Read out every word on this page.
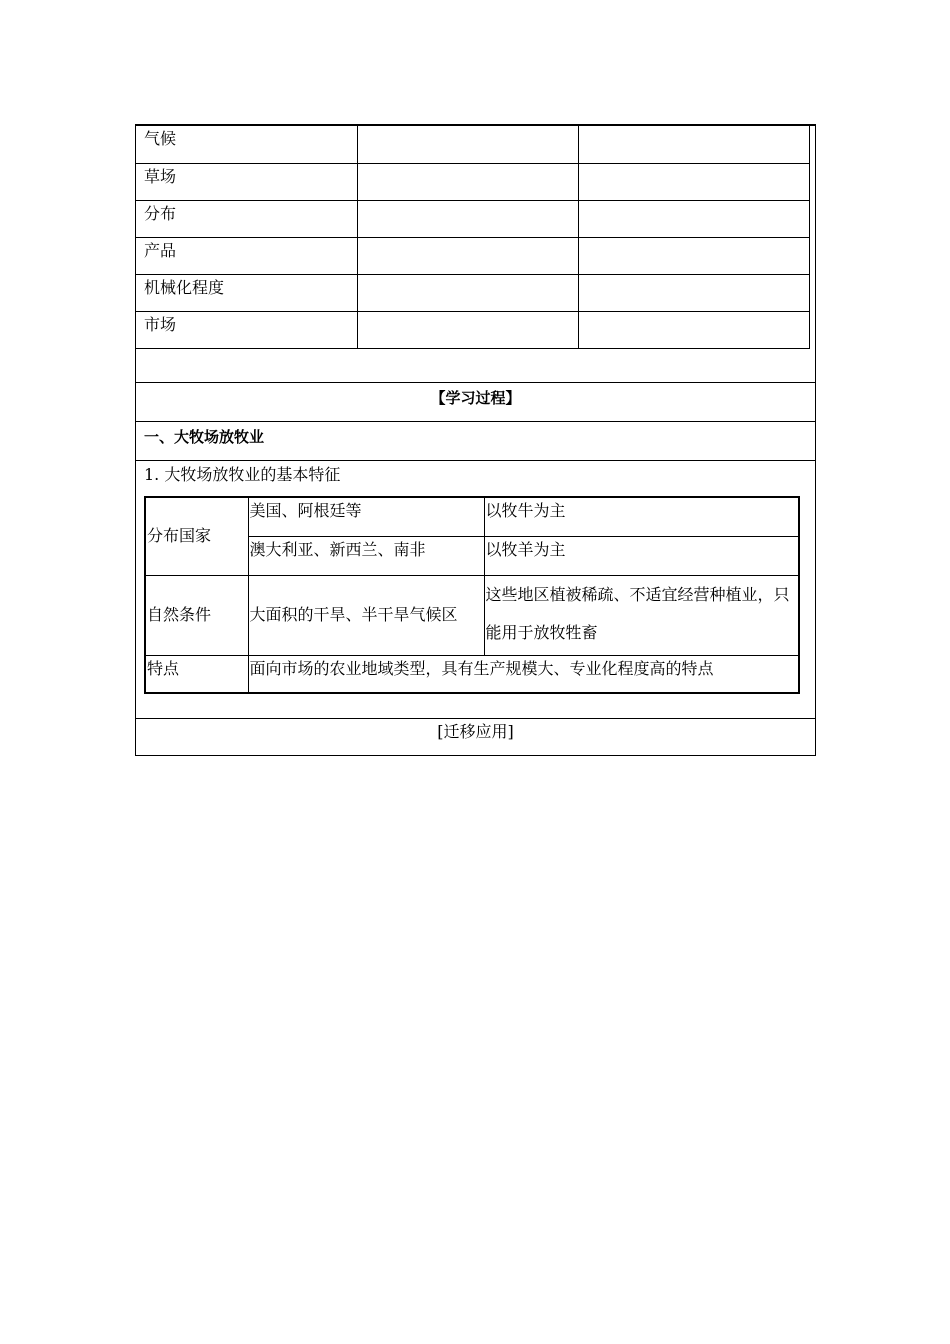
气候		
草场		
分布		
产品		
机械化程度		
市场		
【学习过程】
一、大牧场放牧业
1. 大牧场放牧业的基本特征
分布国家	美国、阿根廷等	以牧牛为主
	澳大利亚、新西兰、南非	以牧羊为主
自然条件	大面积的干旱、半干旱气候区	这些地区植被稀疏、不适宜经营种植业，只能用于放牧牲畜
特点	面向市场的农业地域类型，具有生产规模大、专业化程度高的特点	
[迁移应用]
